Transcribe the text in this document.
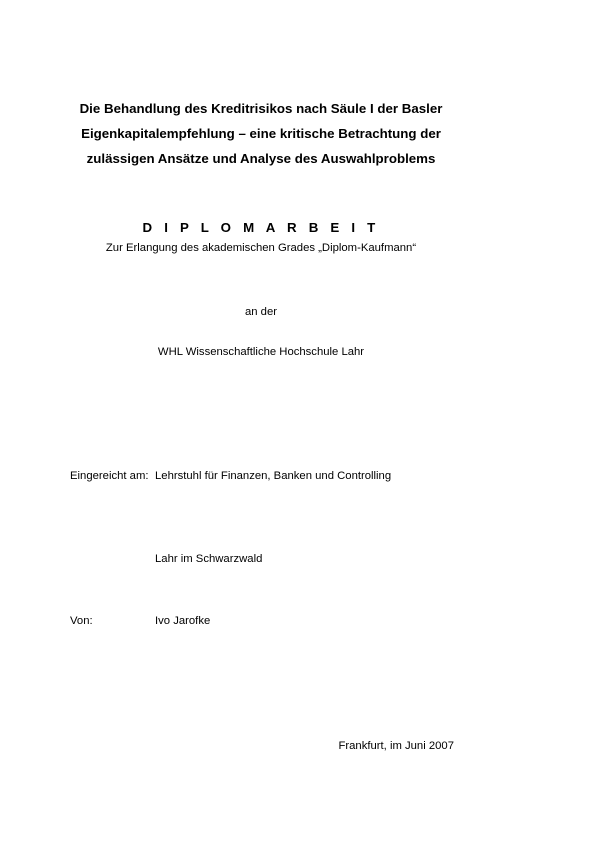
Die Behandlung des Kreditrisikos nach Säule I der Basler
Eigenkapitalempfehlung – eine kritische Betrachtung der
zulässigen Ansätze und Analyse des Auswahlproblems
D I P L O M A R B E I T
Zur Erlangung des akademischen Grades „Diplom-Kaufmann“
an der
WHL Wissenschaftliche Hochschule Lahr
Eingereicht am: Lehrstuhl für Finanzen, Banken und Controlling
Lahr im Schwarzwald
Von:	Ivo Jarofke
Frankfurt, im Juni 2007
